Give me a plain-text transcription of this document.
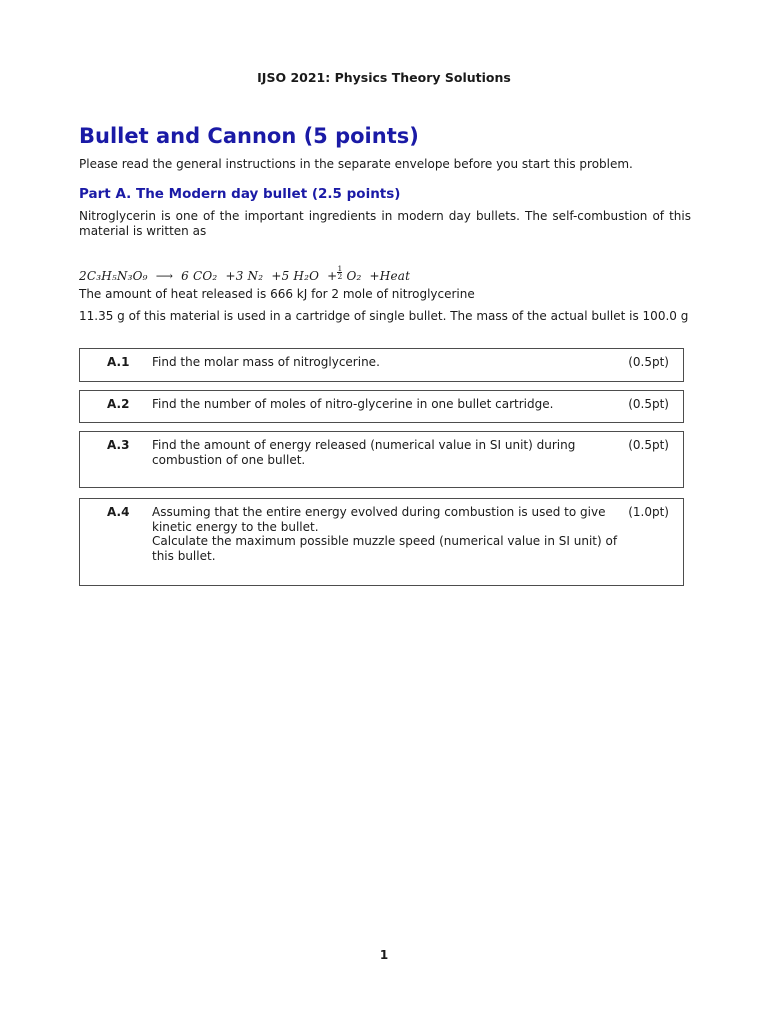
IJSO 2021: Physics Theory Solutions
Bullet and Cannon (5 points)
Please read the general instructions in the separate envelope before you start this problem.
Part A. The Modern day bullet (2.5 points)
Nitroglycerin is one of the important ingredients in modern day bullets. The self-combustion of this material is written as
2C₃H₅N₃O₉ ⟶ 6 CO₂ +3 N₂ +5 $H_2O + \frac{1}{2} O_2$ +Heat
The amount of heat released is 666 kJ for 2 mole of nitroglycerine
11.35 g of this material is used in a cartridge of single bullet. The mass of the actual bullet is 100.0 g
A.1 Find the molar mass of nitroglycerine.	(0.5pt)
A.2 Find the number of moles of nitro-glycerine in one bullet cartridge.	(0.5pt)
A.3 Find the amount of energy released (numerical value in SI unit) during combustion of one bullet.
(0.5pt)
A.4 Assuming that the entire energy evolved during combustion is used to give kinetic energy to the bullet.
Calculate the maximum possible muzzle speed (numerical value in SI unit) of this bullet.
(1.0pt)
1
